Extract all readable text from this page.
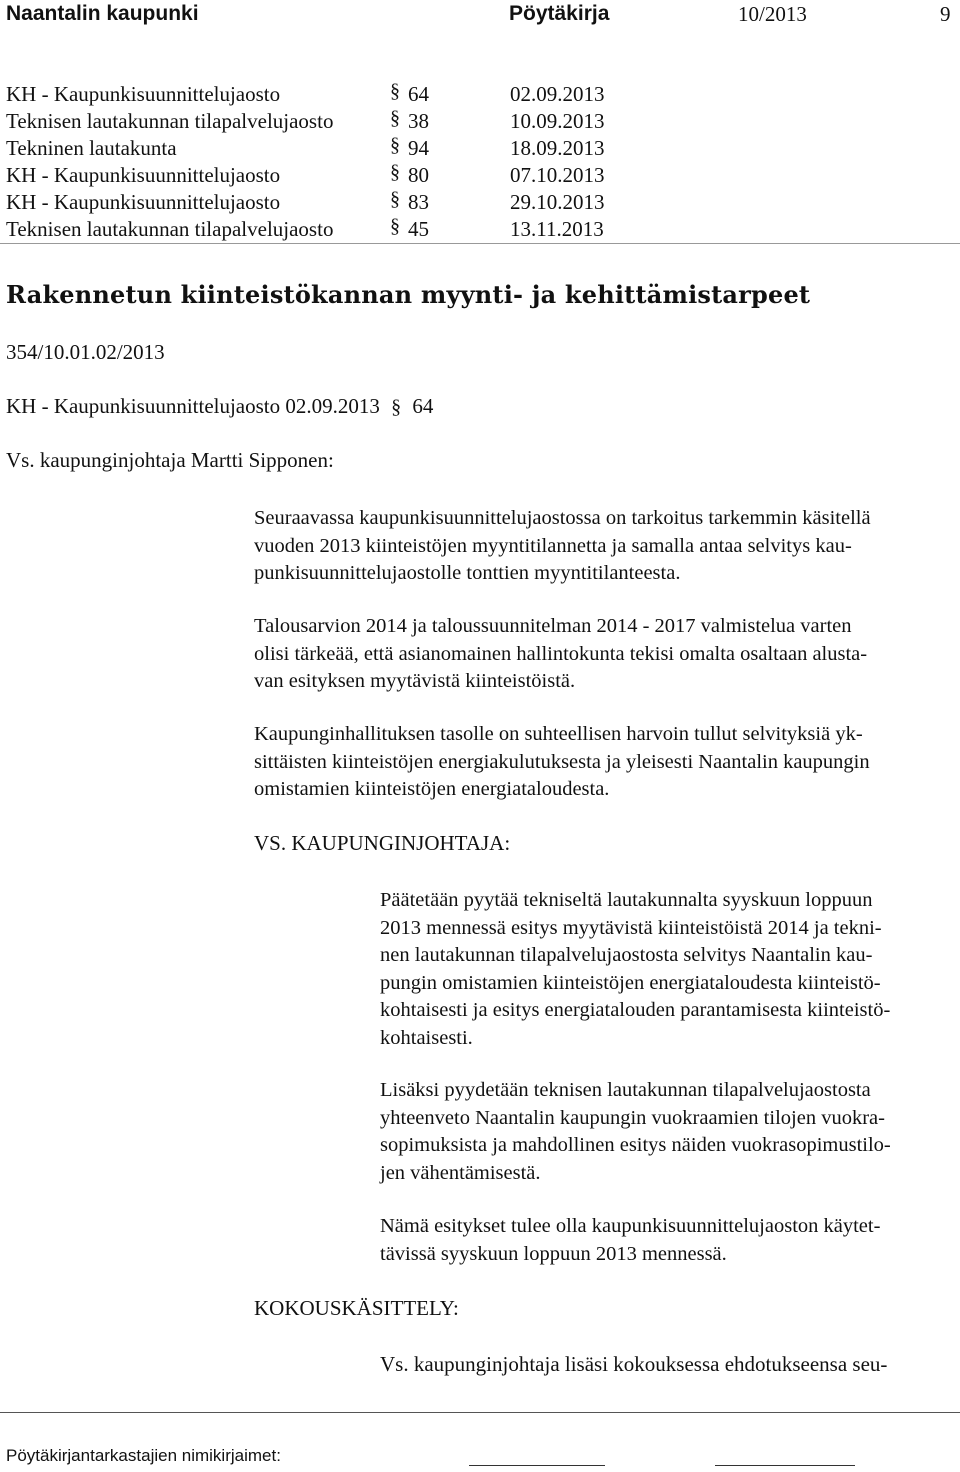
Naantalin kaupunki	Pöytäkirja	10/2013	9
KH - Kaupunkisuunnittelujaosto	§ 64	02.09.2013
Teknisen lautakunnan tilapalvelujaosto	§ 38	10.09.2013
Tekninen lautakunta	§ 94	18.09.2013
KH - Kaupunkisuunnittelujaosto	§ 80	07.10.2013
KH - Kaupunkisuunnittelujaosto	§ 83	29.10.2013
Teknisen lautakunnan tilapalvelujaosto	§ 45	13.11.2013
Rakennetun kiinteistökannan myynti- ja kehittämistarpeet
354/10.01.02/2013
KH - Kaupunkisuunnittelujaosto 02.09.2013 § 64
Vs. kaupunginjohtaja Martti Sipponen:
Seuraavassa kaupunkisuunnittelujaostossa on tarkoitus tarkemmin käsitellä
vuoden 2013 kiinteistöjen myyntitilannetta ja samalla antaa selvitys kau-
punkisuunnittelujaostolle tonttien myyntitilanteesta.
Talousarvion 2014 ja taloussuunnitelman 2014 - 2017 valmistelua varten
olisi tärkeää, että asianomainen hallintokunta tekisi omalta osaltaan alusta-
van esityksen myytävistä kiinteistöistä.
Kaupunginhallituksen tasolle on suhteellisen harvoin tullut selvityksiä yk-
sittäisten kiinteistöjen energiakulutuksesta ja yleisesti Naantalin kaupungin
omistamien kiinteistöjen energiataloudesta.
VS. KAUPUNGINJOHTAJA:
Päätetään pyytää tekniseltä lautakunnalta syyskuun loppuun
2013 mennessä esitys myytävistä kiinteistöistä 2014 ja tekni-
nen lautakunnan tilapalvelujaostosta selvitys Naantalin kau-
pungin omistamien kiinteistöjen energiataloudesta kiinteistö-
kohtaisesti ja esitys energiatalouden parantamisesta kiinteistö-
kohtaisesti.
Lisäksi pyydetään teknisen lautakunnan tilapalvelujaostosta
yhteenveto Naantalin kaupungin vuokraamien tilojen vuokra-
sopimuksista ja mahdollinen esitys näiden vuokrasopimustilo-
jen vähentämisestä.
Nämä esitykset tulee olla kaupunkisuunnittelujaoston käytet-
tävissä syyskuun loppuun 2013 mennessä.
KOKOUSKÄSITTELY:
Vs. kaupunginjohtaja lisäsi kokouksessa ehdotukseensa seu-
Pöytäkirjantarkastajien nimikirjaimet:
